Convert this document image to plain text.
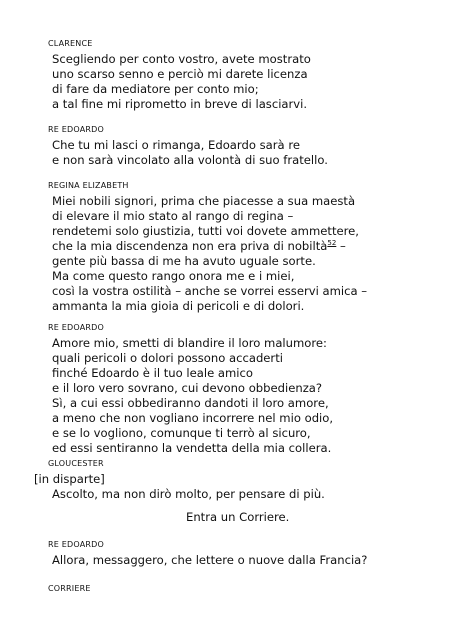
CLARENCE
Scegliendo per conto vostro, avete mostrato
uno scarso senno e perciò mi darete licenza
di fare da mediatore per conto mio;
a tal fine mi riprometto in breve di lasciarvi.
RE EDOARDO
Che tu mi lasci o rimanga, Edoardo sarà re
e non sarà vincolato alla volontà di suo fratello.
REGINA ELIZABETH
Miei nobili signori, prima che piacesse a sua maestà
di elevare il mio stato al rango di regina –
rendetemi solo giustizia, tutti voi dovete ammettere,
che la mia discendenza non era priva di nobiltà$^{52}$ –
gente più bassa di me ha avuto uguale sorte.
Ma come questo rango onora me e i miei,
così la vostra ostilità – anche se vorrei esservi amica –
ammanta la mia gioia di pericoli e di dolori.
RE EDOARDO
Amore mio, smetti di blandire il loro malumore:
quali pericoli o dolori possono accaderti
finché Edoardo è il tuo leale amico
e il loro vero sovrano, cui devono obbedienza?
Sì, a cui essi obbediranno dandoti il loro amore,
a meno che non vogliano incorrere nel mio odio,
e se lo vogliono, comunque ti terrò al sicuro,
ed essi sentiranno la vendetta della mia collera.
GLOUCESTER
[in disparte]
Ascolto, ma non dirò molto, per pensare di più.
Entra un Corriere.
RE EDOARDO
Allora, messaggero, che lettere o nuove dalla Francia?
CORRIERE
